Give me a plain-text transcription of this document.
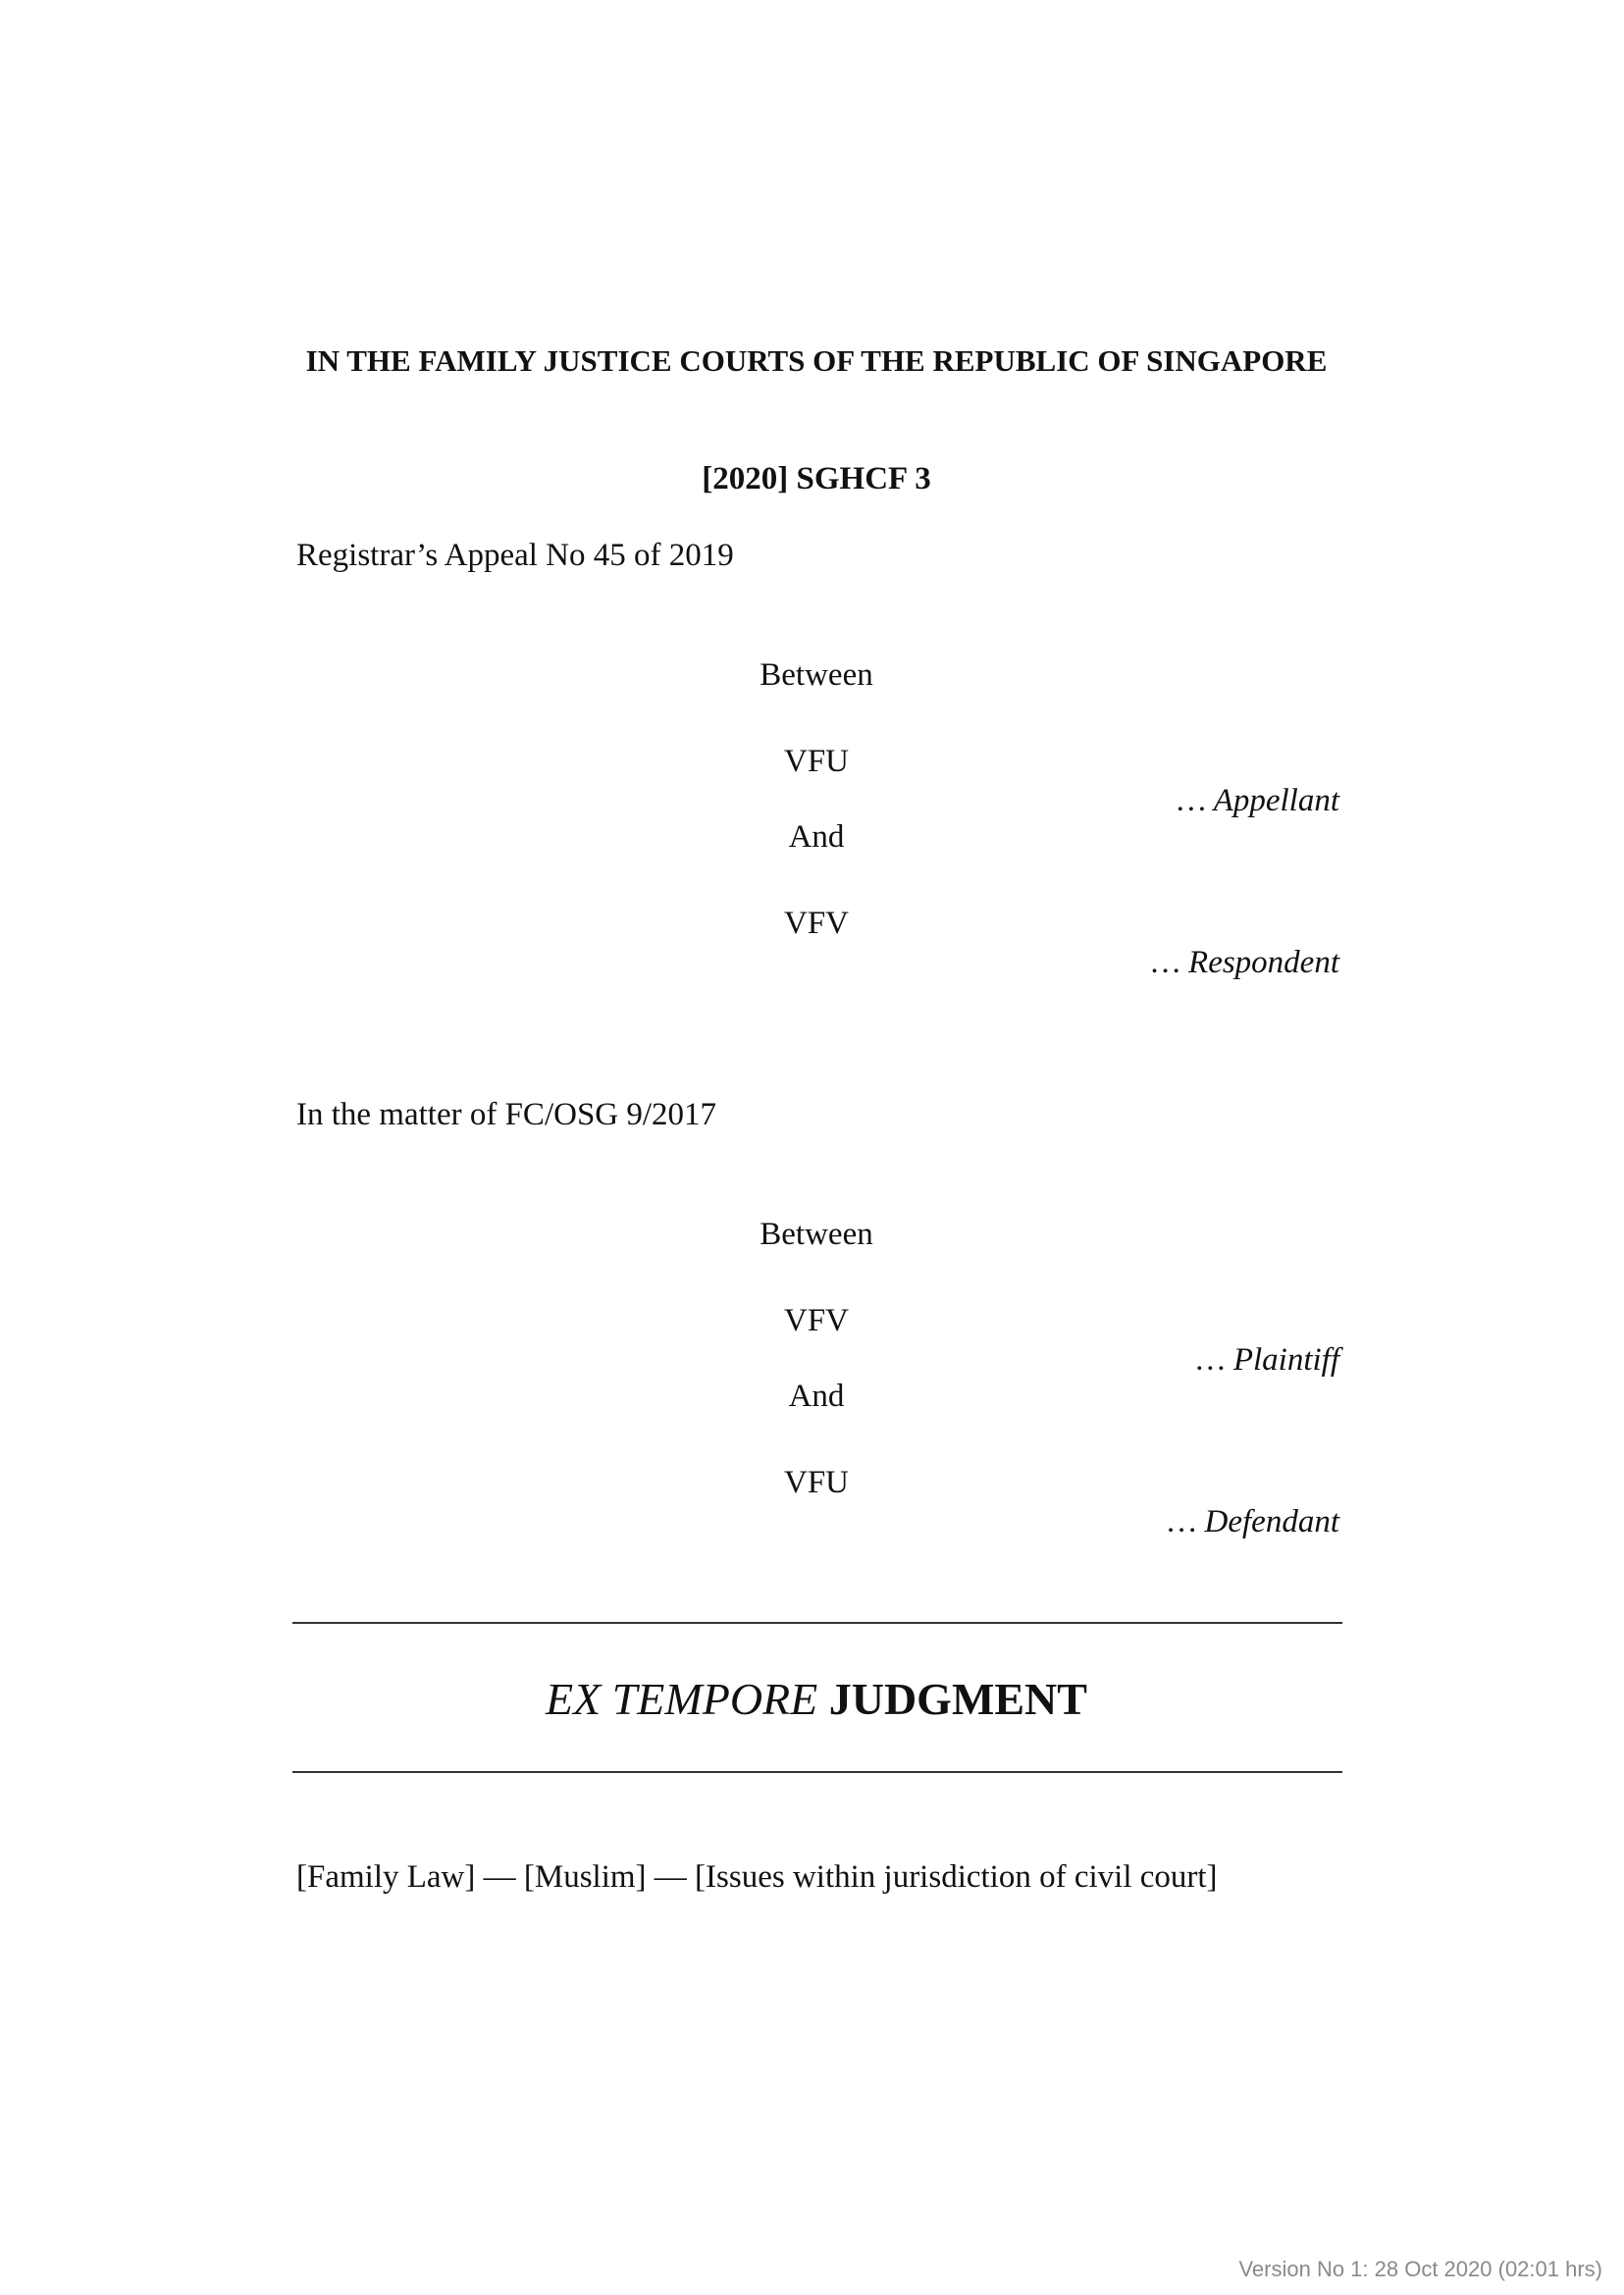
IN THE FAMILY JUSTICE COURTS OF THE REPUBLIC OF SINGAPORE
[2020] SGHCF 3
Registrar’s Appeal No 45 of 2019
Between
VFU
… Appellant
And
VFV
… Respondent
In the matter of FC/OSG 9/2017
Between
VFV
… Plaintiff
And
VFU
… Defendant
EX TEMPORE JUDGMENT
[Family Law] — [Muslim] — [Issues within jurisdiction of civil court]
Version No 1: 28 Oct 2020 (02:01 hrs)
